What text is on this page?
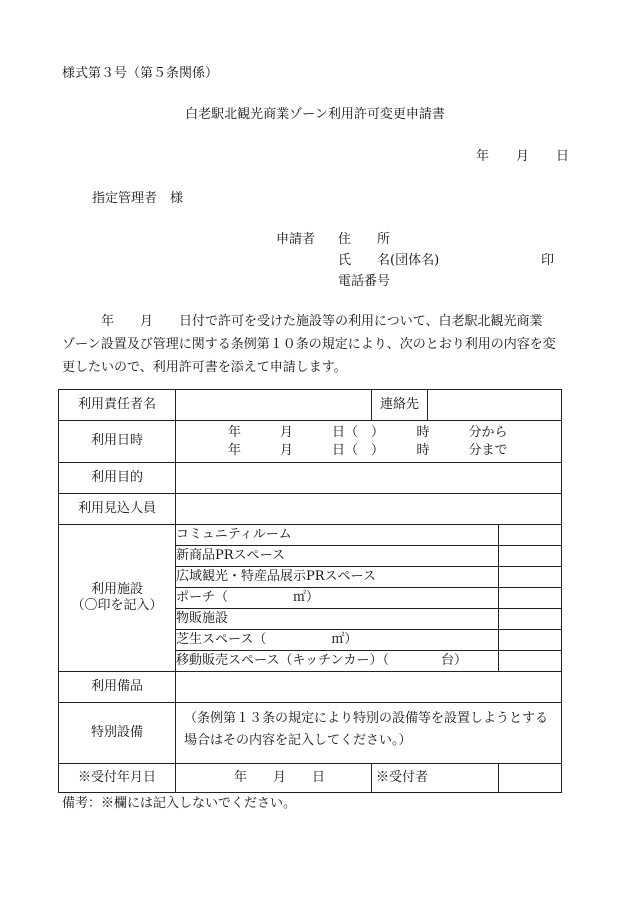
様式第３号（第５条関係）
白老駅北観光商業ゾーン利用許可変更申請書
年 月 日
指定管理者　様
申請者 住　　所
氏　　名(団体名)	印
電話番号
　　　年　　月　　日付で許可を受けた施設等の利用について、白老駅北観光商業
ゾーン設置及び管理に関する条例第１０条の規定により、次のとおり利用の内容を変
更したいので、利用許可書を添えて申請します。
利用責任者名		連絡先		
利用日時	年　　　月　　　日（　）　　　時　　　分から
年　　　月　　　日（　）　　　時　　　分まで			

利用目的				
利用見込人員				

利用施設
（〇印を記入）	コミュニティルーム			
	新商品PRスペース			
	広域観光・特産品展示PRスペース			
	ポーチ（　　　　　㎡）			
	物販施設			
	芝生スペース（　　　　　㎡）			
	移動販売スペース（キッチンカー）（　　　　台）			
利用備品				
特別設備	（条例第１３条の規定により特別の設備等を設置しようとする
場合はその内容を記入してください。）			

※受付年月日	年　　月　　日	※受付者		
備考：※欄には記入しないでください。
